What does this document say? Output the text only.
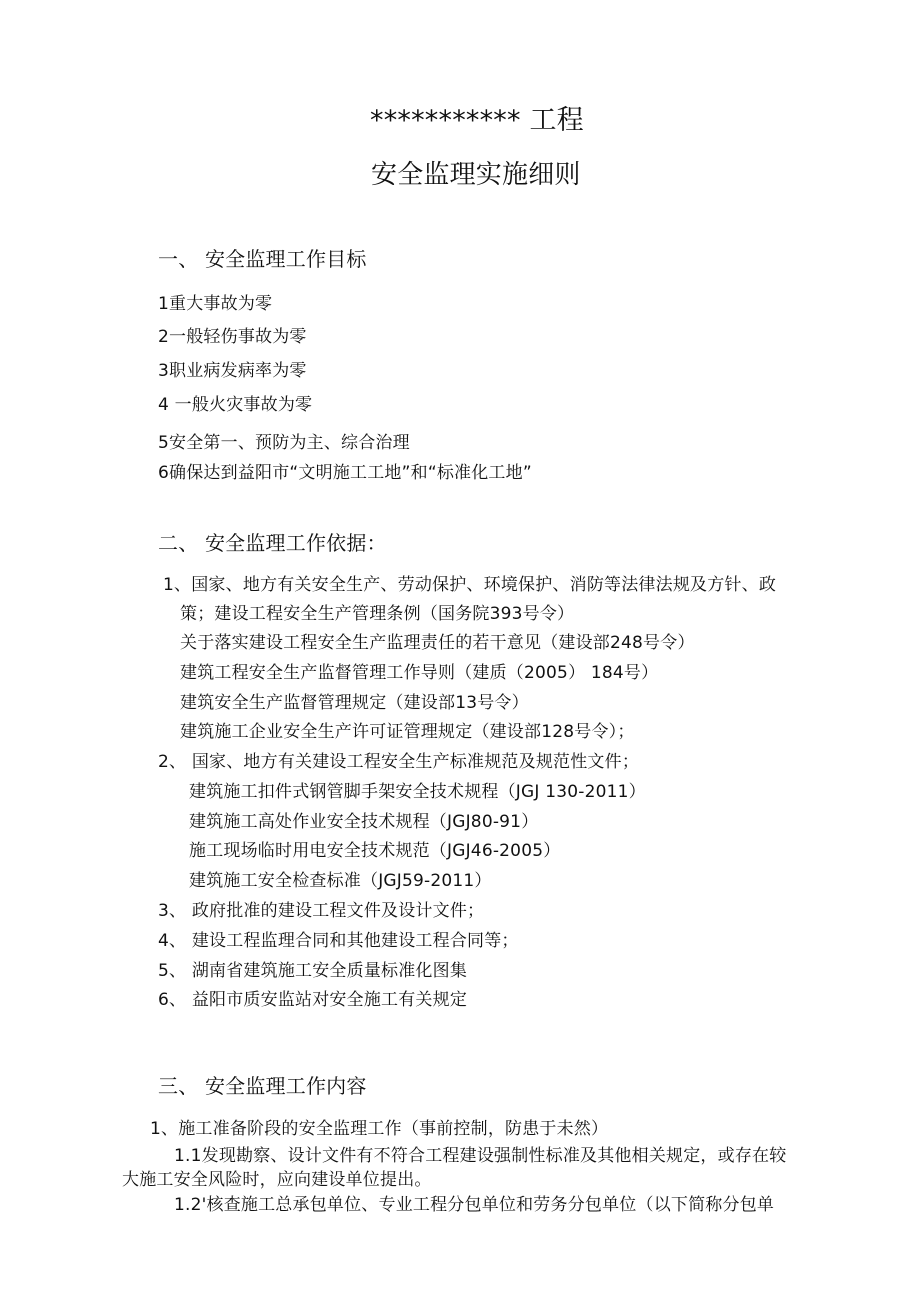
*********** 工程
安全监理实施细则
一、 安全监理工作目标
1重大事故为零
2一般轻伤事故为零
3职业病发病率为零
4 一般火灾事故为零
5安全第一、预防为主、综合治理
6确保达到益阳市“文明施工工地”和“标准化工地”
二、 安全监理工作依据：
1、国家、地方有关安全生产、劳动保护、环境保护、消防等法律法规及方针、政
策；建设工程安全生产管理条例（国务院393号令）
关于落实建设工程安全生产监理责任的若干意见（建设部248号令）
建筑工程安全生产监督管理工作导则（建质（2005） 184号）
建筑安全生产监督管理规定（建设部13号令）
建筑施工企业安全生产许可证管理规定（建设部128号令）；
2、 国家、地方有关建设工程安全生产标准规范及规范性文件；
建筑施工扣件式钢管脚手架安全技术规程（JGJ 130-2011）
建筑施工高处作业安全技术规程（JGJ80-91）
施工现场临时用电安全技术规范（JGJ46-2005）
建筑施工安全检查标准（JGJ59-2011）
3、 政府批准的建设工程文件及设计文件；
4、 建设工程监理合同和其他建设工程合同等；
5、 湖南省建筑施工安全质量标准化图集
6、 益阳市质安监站对安全施工有关规定
三、 安全监理工作内容
1、施工准备阶段的安全监理工作（事前控制，防患于未然）
1.1发现勘察、设计文件有不符合工程建设强制性标准及其他相关规定，或存在较
大施工安全风险时，应向建设单位提出。
1.2'核查施工总承包单位、专业工程分包单位和劳务分包单位（以下简称分包单
